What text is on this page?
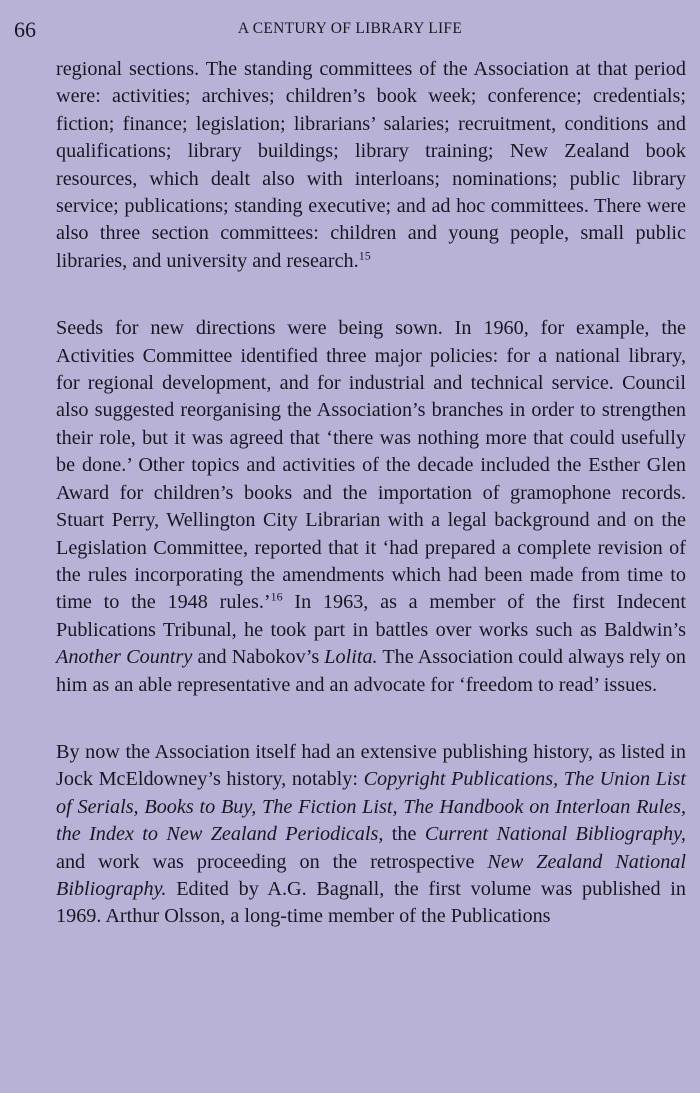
66	A CENTURY OF LIBRARY LIFE

regional sections. The standing committees of the Association at that period were: activities; archives; children’s book week; conference; credentials; fiction; finance; legislation; librarians’ salaries; recruitment, conditions and qualifications; library buildings; library training; New Zealand book resources, which dealt also with interloans; nominations; public library service; publications; standing executive; and ad hoc committees. There were also three section committees: children and young people, small public libraries, and university and research.$^{15}$

Seeds for new directions were being sown. In 1960, for example, the Activities Committee identified three major policies: for a national library, for regional development, and for industrial and technical service. Council also suggested reorganising the Association’s branches in order to strengthen their role, but it was agreed that ‘there was nothing more that could usefully be done.’ Other topics and activities of the decade included the Esther Glen Award for children’s books and the importation of gramophone records. Stuart Perry, Wellington City Librarian with a legal background and on the Legislation Committee, reported that it ‘had prepared a complete revision of the rules incorporating the amendments which had been made from time to time to the 1948 rules.’$^{16}$ In 1963, as a member of the first Indecent Publications Tribunal, he took part in battles over works such as Baldwin’s Another Country and Nabokov’s Lolita. The Association could always rely on him as an able representative and an advocate for ‘freedom to read’ issues.

By now the Association itself had an extensive publishing history, as listed in Jock McEldowney’s history, notably: Copyright Publications, The Union List of Serials, Books to Buy, The Fiction List, The Handbook on Interloan Rules, the Index to New Zealand Periodicals, the Current National Bibliography, and work was proceeding on the retrospective New Zealand National Bibliography. Edited by A.G. Bagnall, the first volume was published in 1969. Arthur Olsson, a long-time member of the Publications
